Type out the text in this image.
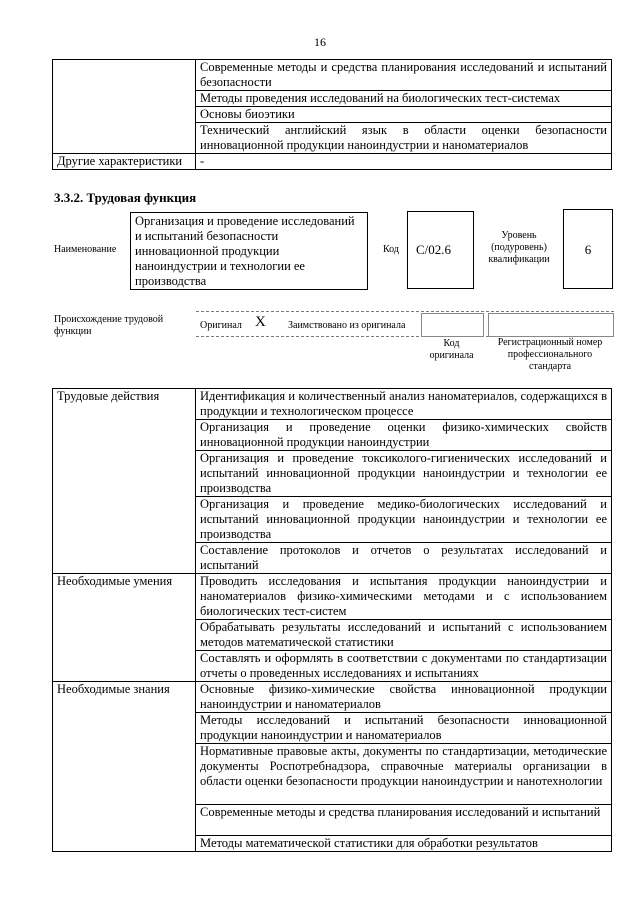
16
	Современные методы и средства планирования исследований и испытаний безопасности
	Методы проведения исследований на биологических тест-системах
	Основы биоэтики
	Технический английский язык в области оценки безопасности инновационной продукции наноиндустрии и наноматериалов
Другие характеристики	-
3.3.2. Трудовая функция
Наименование
Организация и проведение исследований и испытаний безопасности инновационной продукции наноиндустрии и технологии ее производства
Код	C/02.6
Уровень (подуровень) квалификации
6
Происхождение трудовой функции
Оригинал X Заимствовано из оригинала
Код оригинала
Регистрационный номер профессионального стандарта
Трудовые действия	Идентификация и количественный анализ наноматериалов, содержащихся в продукции и технологическом процессе
	Организация и проведение оценки физико-химических свойств инновационной продукции наноиндустрии
	Организация и проведение токсиколого-гигиенических исследований и испытаний инновационной продукции наноиндустрии и технологии ее производства
	Организация и проведение медико-биологических исследований и испытаний инновационной продукции наноиндустрии и технологии ее производства
	Составление протоколов и отчетов о результатах исследований и испытаний
Необходимые умения	Проводить исследования и испытания продукции наноиндустрии и наноматериалов физико-химическими методами и с использованием биологических тест-систем
	Обрабатывать результаты исследований и испытаний с использованием методов математической статистики
	Составлять и оформлять в соответствии с документами по стандартизации отчеты о проведенных исследованиях и испытаниях
Необходимые знания	Основные физико-химические свойства инновационной продукции наноиндустрии и наноматериалов
	Методы исследований и испытаний безопасности инновационной продукции наноиндустрии и наноматериалов
	Нормативные правовые акты, документы по стандартизации, методические документы Роспотребнадзора, справочные материалы организации в области оценки безопасности продукции наноиндустрии и нанотехнологии
	Современные методы и средства планирования исследований и испытаний
	Методы математической статистики для обработки результатов
